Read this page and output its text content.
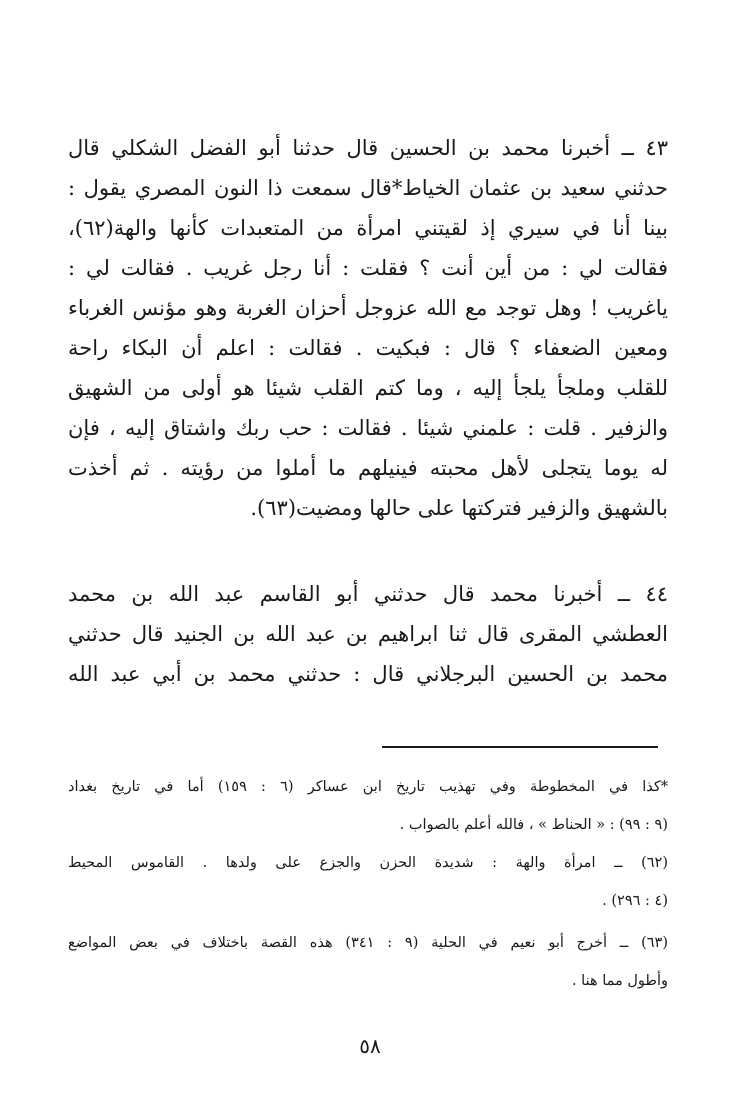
٤٣ ــ أخبرنا محمد بن الحسين قال حدثنا أبو الفضل الشكلي قال
حدثني سعيد بن عثمان الخياط*قال سمعت ذا النون المصري يقول :
بينا أنا في سيري إذ لقيتني امرأة من المتعبدات كأنها والهة(٦٢)،
فقالت لي : من أين أنت ؟ فقلت : أنا رجل غريب . فقالت لي :
ياغريب ! وهل توجد مع الله عزوجل أحزان الغربة وهو مؤنس الغرباء
ومعين الضعفاء ؟ قال : فبكيت . فقالت : اعلم أن البكاء راحة
للقلب وملجأ يلجأ إليه ، وما كتم القلب شيئا هو أولى من الشهيق
والزفير . قلت : علمني شيئا . فقالت : حب ربك واشتاق إليه ، فإن
له يوما يتجلى لأهل محبته فينيلهم ما أملوا من رؤيته . ثم أخذت
بالشهيق والزفير فتركتها على حالها ومضيت(٦٣).
٤٤ ــ أخبرنا محمد قال حدثني أبو القاسم عبد الله بن محمد
العطشي المقرى قال ثنا ابراهيم بن عبد الله بن الجنيد قال حدثني
محمد بن الحسين البرجلاني قال : حدثني محمد بن أبي عبد الله
*كذا في المخطوطة وفي تهذيب تاريخ ابن عساكر (٦ : ١٥٩) أما في تاريخ بغداد
(٩ : ٩٩) : « الحناط » ، فالله أعلم بالصواب .
(٦٢) ــ امرأة والهة : شديدة الحزن والجزع على ولدها . القاموس المحيط
(٤ : ٢٩٦) .
(٦٣) ــ أخرج أبو نعيم في الحلية (٩ : ٣٤١) هذه القصة باختلاف في بعض المواضع
وأطول مما هنا .
٥٨
